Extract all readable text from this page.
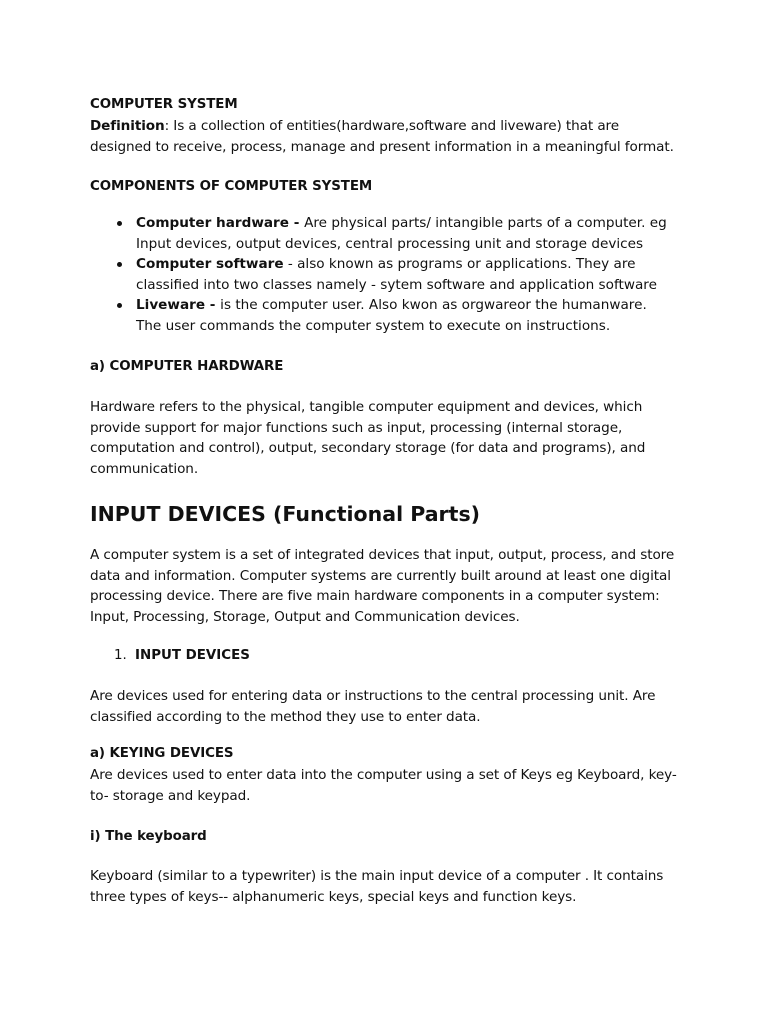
COMPUTER SYSTEM

Definition: Is a collection of entities(hardware,software and liveware) that are designed to receive, process, manage and present information in a meaningful format.

COMPONENTS OF COMPUTER SYSTEM

Computer hardware - Are physical parts/ intangible parts of a computer. eg Input devices, output devices, central processing unit and storage devices
Computer software - also known as programs or applications. They are classified into two classes namely - sytem software and application software
Liveware - is the computer user. Also kwon as orgwareor the humanware. The user commands the computer system to execute on instructions.

a) COMPUTER HARDWARE

Hardware refers to the physical, tangible computer equipment and devices, which provide support for major functions such as input, processing (internal storage, computation and control), output, secondary storage (for data and programs), and communication.

INPUT DEVICES (Functional Parts)

A computer system is a set of integrated devices that input, output, process, and store data and information. Computer systems are currently built around at least one digital processing device. There are five main hardware components in a computer system: Input, Processing, Storage, Output and Communication devices.

1. INPUT DEVICES

Are devices used for entering data or instructions to the central processing unit. Are classified according to the method they use to enter data.

a) KEYING DEVICES

Are devices used to enter data into the computer using a set of Keys eg Keyboard, key-to- storage and keypad.

i) The keyboard

Keyboard (similar to a typewriter) is the main input device of a computer . It contains three types of keys-- alphanumeric keys, special keys and function keys.
